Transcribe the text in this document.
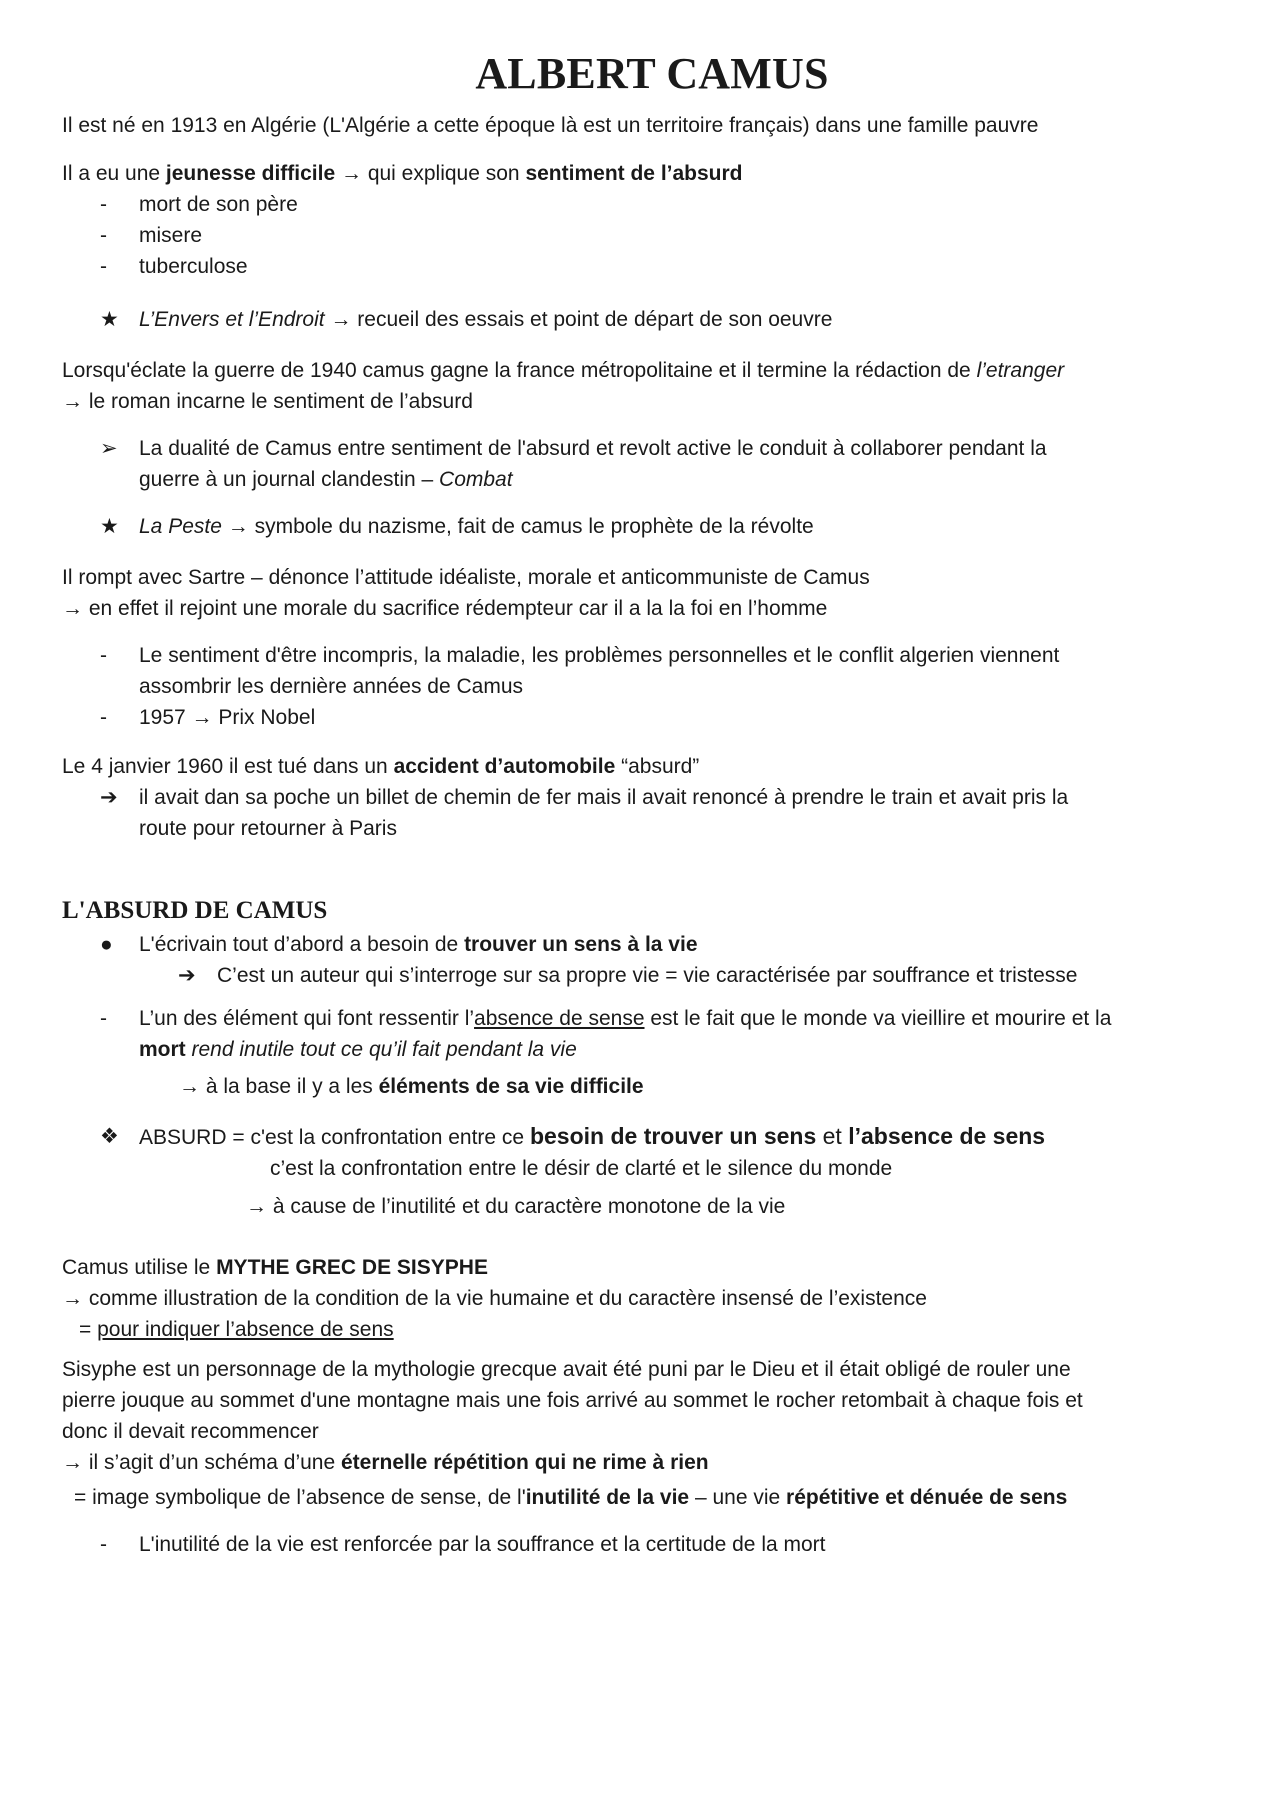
ALBERT CAMUS

Il est né en 1913 en Algérie (L'Algérie a cette époque là est un territoire français) dans une famille pauvre

Il a eu une jeunesse difficile → qui explique son sentiment de l’absurd

-	mort de son père
-	misere
-	tuberculose
★ L’Envers et l’Endroit → recueil des essais et point de départ de son oeuvre

Lorsqu'éclate la guerre de 1940 camus gagne la france métropolitaine et il termine la rédaction de l’etranger
→ le roman incarne le sentiment de l’absurd

➢	La dualité de Camus entre sentiment de l'absurd et revolt active le conduit à collaborer pendant la
guerre à un journal clandestin – Combat
★ La Peste → symbole du nazisme, fait de camus le prophète de la révolte

Il rompt avec Sartre – dénonce l’attitude idéaliste, morale et anticommuniste de Camus
→ en effet il rejoint une morale du sacrifice rédempteur car il a la la foi en l’homme

-	Le sentiment d'être incompris, la maladie, les problèmes personnelles et le conflit algerien viennent
assombrir les dernière années de Camus
-	1957 → Prix Nobel

Le 4 janvier 1960 il est tué dans un accident d’automobile “absurd”

➔	il avait dan sa poche un billet de chemin de fer mais il avait renoncé à prendre le train et avait pris la
route pour retourner à Paris
L'ABSURD DE CAMUS
●	L'écrivain tout d’abord a besoin de trouver un sens à la vie
➔	C’est un auteur qui s’interroge sur sa propre vie = vie caractérisée par souffrance et tristesse
-	L’un des élément qui font ressentir l’absence de sense est le fait que le monde va vieillire et mourire et la
mort rend inutile tout ce qu’il fait pendant la vie

→ à la base il y a les éléments de sa vie difficile

❖ ABSURD = c'est la confrontation entre ce besoin de trouver un sens et l’absence de sens

c’est la confrontation entre le désir de clarté et le silence du monde

→ à cause de l’inutilité et du caractère monotone de la vie

Camus utilise le MYTHE GREC DE SISYPHE
→ comme illustration de la condition de la vie humaine et du caractère insensé de l’existence
= pour indiquer l’absence de sens

Sisyphe est un personnage de la mythologie grecque avait été puni par le Dieu et il était obligé de rouler une
pierre jouque au sommet d'une montagne mais une fois arrivé au sommet le rocher retombait à chaque fois et
donc il devait recommencer
→ il s’agit d’un schéma d’une éternelle répétition qui ne rime à rien

= image symbolique de l’absence de sense, de l'inutilité de la vie – une vie répétitive et dénuée de sens

-	L'inutilité de la vie est renforcée par la souffrance et la certitude de la mort
